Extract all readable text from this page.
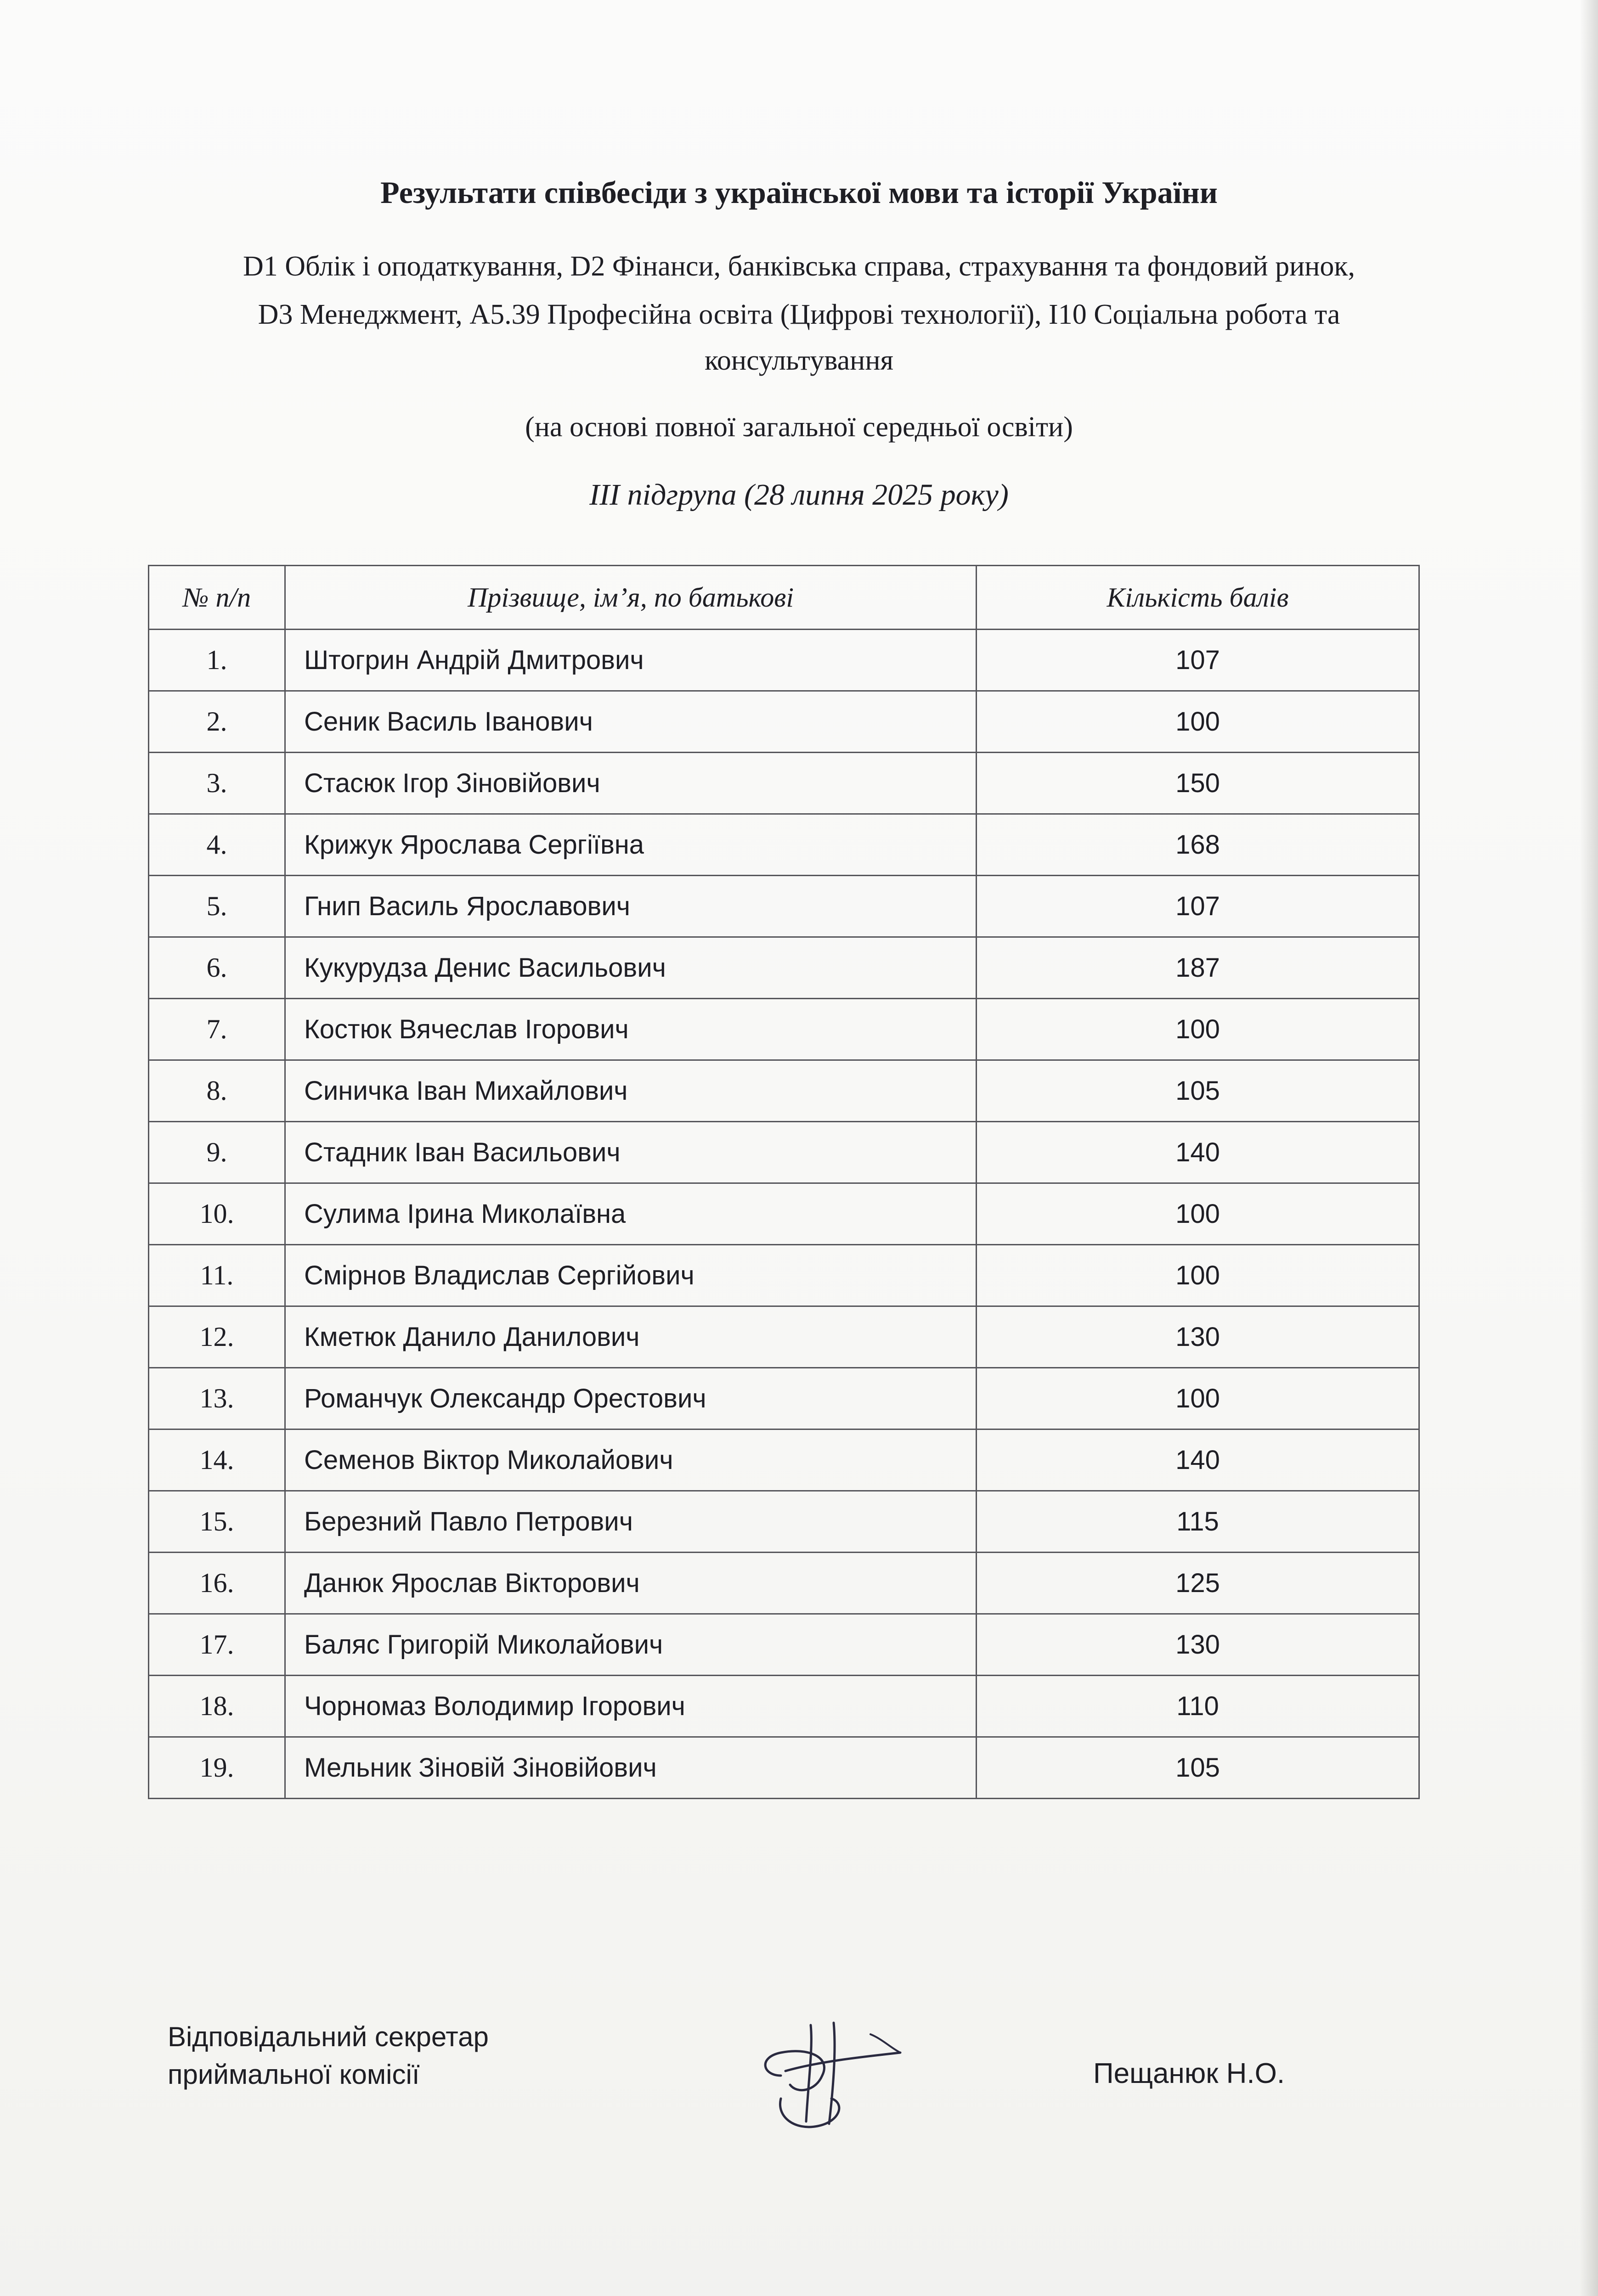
Результати співбесіди з української мови та історії України
D1 Облік і оподаткування, D2 Фінанси, банківська справа, страхування та фондовий ринок,
D3 Менеджмент, А5.39 Професійна освіта (Цифрові технології), І10 Соціальна робота та
консультування
(на основі повної загальної середньої освіти)
ІІІ підгрупа (28 липня 2025 року)
№ п/п	Прізвище, ім’я, по батькові	Кількість балів
1.	Штогрин Андрій Дмитрович	107
2.	Сеник Василь Іванович	100
3.	Стасюк Ігор Зіновійович	150
4.	Крижук Ярослава Сергіївна	168
5.	Гнип Василь Ярославович	107
6.	Кукурудза Денис Васильович	187
7.	Костюк Вячеслав Ігорович	100
8.	Синичка Іван Михайлович	105
9.	Стадник Іван Васильович	140
10.	Сулима Ірина Миколаївна	100
11.	Смірнов Владислав Сергійович	100
12.	Кметюк Данило Данилович	130
13.	Романчук Олександр Орестович	100
14.	Семенов Віктор Миколайович	140
15.	Березний Павло Петрович	115
16.	Данюк Ярослав Вікторович	125
17.	Баляс Григорій Миколайович	130
18.	Чорномаз Володимир Ігорович	110
19.	Мельник Зіновій Зіновійович	105
Відповідальний секретар
приймальної комісії	Пещанюк Н.О.
